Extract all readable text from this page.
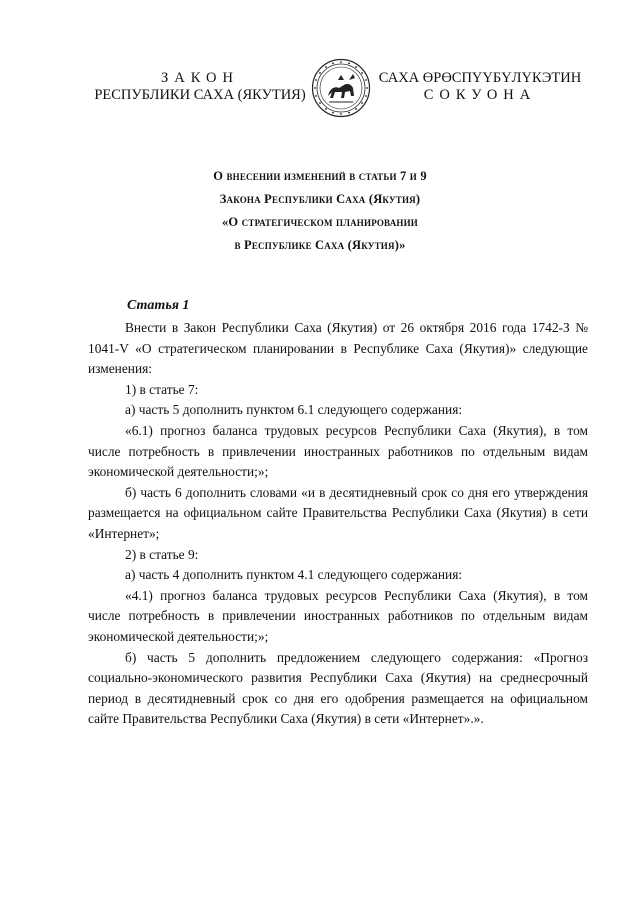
ЗАКОН
РЕСПУБЛИКИ САХА (ЯКУТИЯ)
САХА ӨРӨСПҮҮБҮЛҮКЭТИН
СОКУОНА
О внесении изменений в статьи 7 и 9
Закона Республики Саха (Якутия)
«О стратегическом планировании
в Республике Саха (Якутия)»
Статья 1

Внести в Закон Республики Саха (Якутия) от 26 октября 2016 года 1742-З № 1041-V «О стратегическом планировании в Республике Саха (Якутия)» следующие изменения:

1) в статье 7:

а) часть 5 дополнить пунктом 6.1 следующего содержания:

«6.1) прогноз баланса трудовых ресурсов Республики Саха (Якутия), в том числе потребность в привлечении иностранных работников по отдельным видам экономической деятельности;»;

б) часть 6 дополнить словами «и в десятидневный срок со дня его утверждения размещается на официальном сайте Правительства Республики Саха (Якутия) в сети «Интернет»;

2) в статье 9:

а) часть 4 дополнить пунктом 4.1 следующего содержания:

«4.1) прогноз баланса трудовых ресурсов Республики Саха (Якутия), в том числе потребность в привлечении иностранных работников по отдельным видам экономической деятельности;»;

б) часть 5 дополнить предложением следующего содержания: «Прогноз социально-экономического развития Республики Саха (Якутия) на среднесрочный период в десятидневный срок со дня его одобрения размещается на официальном сайте Правительства Республики Саха (Якутия) в сети «Интернет».».
